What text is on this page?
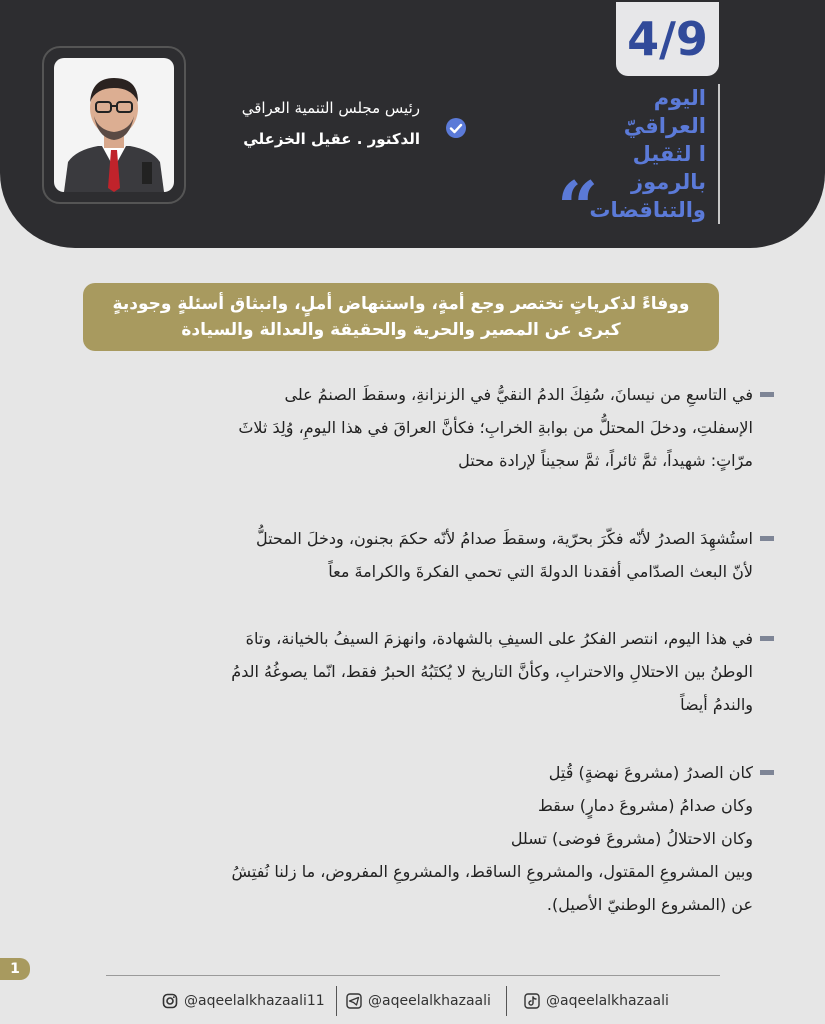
4/9
اليوم
العراقيّ
ا لثقيل
بالرموز
والتناقضات
“
رئيس مجلس التنمية العراقي
الدكتور . عقيل الخزعلي
ووفاءً لذكرياتٍ تختصر وجع أمةٍ، واستنهاض أملٍ، وانبثاق أسئلةٍ وجوديةٍ
كبرى عن المصير والحرية والحقيقة والعدالة والسيادة
في التاسعِ من نيسانَ، سُفِكَ الدمُ النقيُّ في الزنزانةِ، وسقطَ الصنمُ على
الإسفلتِ، ودخلَ المحتلُّ من بوابةِ الخرابِ؛ فكأنَّ العراقَ في هذا اليومِ، وُلِدَ ثلاثَ
مرّاتٍ: شهيداً، ثمَّ ثائراً، ثمَّ سجيناً لإرادة محتل
استُشهِدَ الصدرُ لأنّه فكّرَ بحرّية، وسقطَ صدامُ لأنّه حكمَ بجنون، ودخلَ المحتلُّ
لأنّ البعث الصدّامي أفقدنا الدولةَ التي تحمي الفكرةَ والكرامةَ معاً
في هذا اليوم، انتصر الفكرُ على السيفِ بالشهادة، وانهزمَ السيفُ بالخيانة، وتاهَ
الوطنُ بين الاحتلالِ والاحترابِ، وكأنَّ التاريخ لا يُكتَبُهُ الحبرُ فقط، انّما يصوغُهُ الدمُ
والندمُ أيضاً
كان الصدرُ (مشروعَ نهضةٍ) قُتِل
وكان صدامُ (مشروعَ دمارٍ) سقط
وكان الاحتلالُ (مشروعَ فوضى) تسلل
وبين المشروعِ المقتول، والمشروعِ الساقط، والمشروعِ المفروض، ما زلنا نُفتِشُ
عن (المشروع الوطنيّ الأصيل).
1
@aqeelalkhazaali11	@aqeelalkhazaali	@aqeelalkhazaali
